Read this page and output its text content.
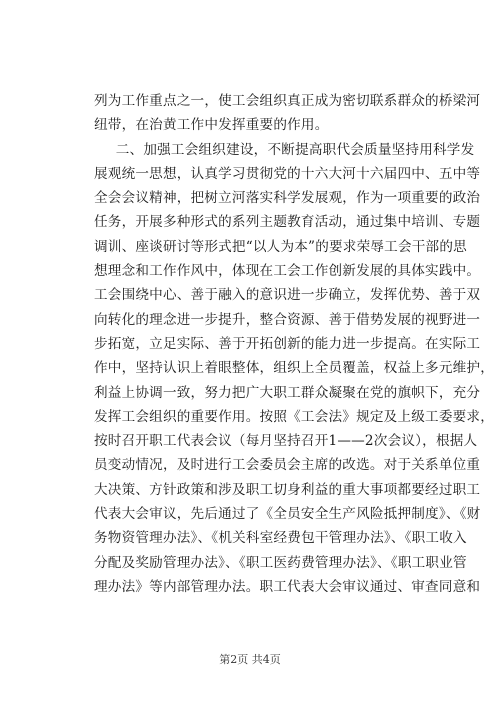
列为工作重点之一，使工会组织真正成为密切联系群众的桥梁河
纽带，在治黄工作中发挥重要的作用。
二、加强工会组织建设，不断提高职代会质量坚持用科学发
展观统一思想，认真学习贯彻党的十六大河十六届四中、五中等
全会会议精神，把树立河落实科学发展观，作为一项重要的政治
任务，开展多种形式的系列主题教育活动，通过集中培训、专题
调训、座谈研讨等形式把“以人为本”的要求荣辱工会干部的思
想理念和工作作风中，体现在工会工作创新发展的具体实践中。
工会围绕中心、善于融入的意识进一步确立，发挥优势、善于双
向转化的理念进一步提升，整合资源、善于借势发展的视野进一
步拓宽，立足实际、善于开拓创新的能力进一步提高。在实际工
作中，坚持认识上着眼整体，组织上全员覆盖，权益上多元维护，
利益上协调一致，努力把广大职工群众凝聚在党的旗帜下，充分
发挥工会组织的重要作用。按照《工会法》规定及上级工委要求，
按时召开职工代表会议（每月坚持召开1——2次会议），根据人
员变动情况，及时进行工会委员会主席的改选。对于关系单位重
大决策、方针政策和涉及职工切身利益的重大事项都要经过职工
代表大会审议，先后通过了《全员安全生产风险抵押制度》、《财
务物资管理办法》、《机关科室经费包干管理办法》、《职工收入
分配及奖励管理办法》、《职工医药费管理办法》、《职工职业管
理办法》等内部管理办法。职工代表大会审议通过、审查同意和
第2页 共4页
